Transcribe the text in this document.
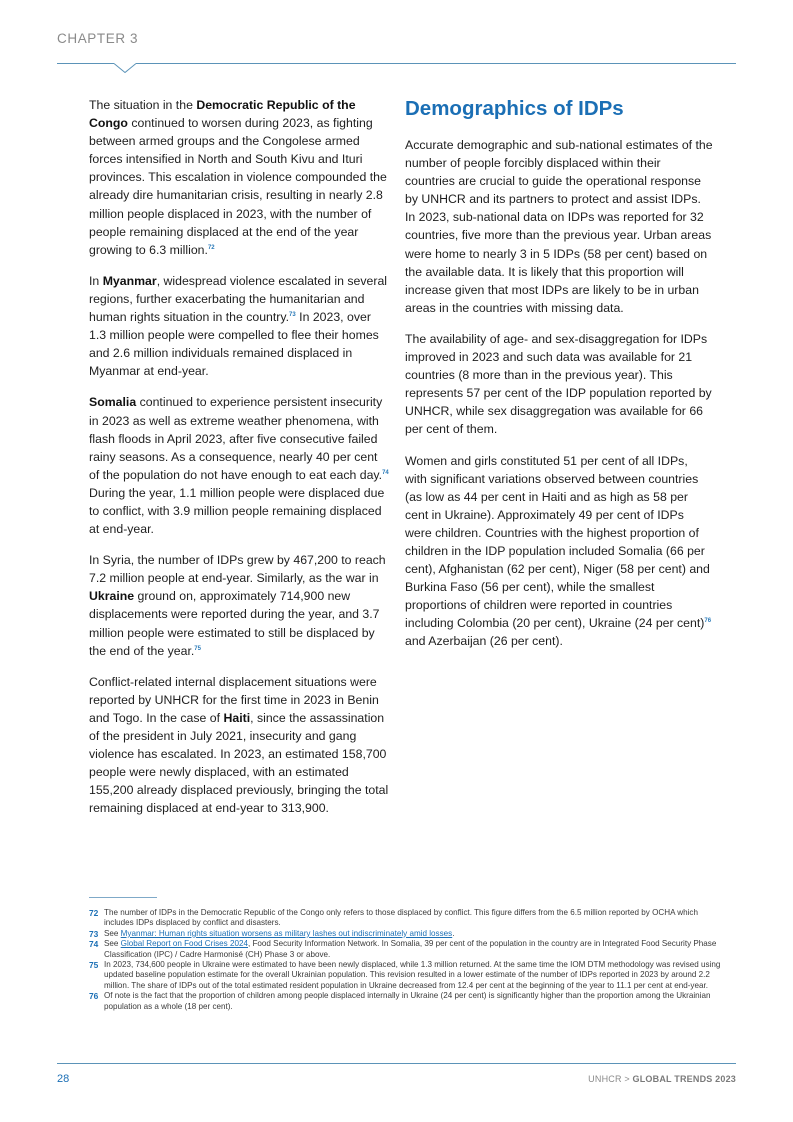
CHAPTER 3

The situation in the Democratic Republic of the Congo continued to worsen during 2023, as fighting between armed groups and the Congolese armed forces intensified in North and South Kivu and Ituri provinces. This escalation in violence compounded the already dire humanitarian crisis, resulting in nearly 2.8 million people displaced in 2023, with the number of people remaining displaced at the end of the year growing to 6.3 million.$^{72}$

In Myanmar, widespread violence escalated in several regions, further exacerbating the humanitarian and human rights situation in the country.$^{73}$ In 2023, over 1.3 million people were compelled to flee their homes and 2.6 million individuals remained displaced in Myanmar at end-year.

Somalia continued to experience persistent insecurity in 2023 as well as extreme weather phenomena, with flash floods in April 2023, after five consecutive failed rainy seasons. As a consequence, nearly 40 per cent of the population do not have enough to eat each day.$^{74}$ During the year, 1.1 million people were displaced due to conflict, with 3.9 million people remaining displaced at end-year.

In Syria, the number of IDPs grew by 467,200 to reach 7.2 million people at end-year. Similarly, as the war in Ukraine ground on, approximately 714,900 new displacements were reported during the year, and 3.7 million people were estimated to still be displaced by the end of the year.$^{75}$

Conflict-related internal displacement situations were reported by UNHCR for the first time in 2023 in Benin and Togo. In the case of Haiti, since the assassination of the president in July 2021, insecurity and gang violence has escalated. In 2023, an estimated 158,700 people were newly displaced, with an estimated 155,200 already displaced previously, bringing the total remaining displaced at end-year to 313,900.

Demographics of IDPs

Accurate demographic and sub-national estimates of the number of people forcibly displaced within their countries are crucial to guide the operational response by UNHCR and its partners to protect and assist IDPs. In 2023, sub-national data on IDPs was reported for 32 countries, five more than the previous year. Urban areas were home to nearly 3 in 5 IDPs (58 per cent) based on the available data. It is likely that this proportion will increase given that most IDPs are likely to be in urban areas in the countries with missing data.

The availability of age- and sex-disaggregation for IDPs improved in 2023 and such data was available for 21 countries (8 more than in the previous year). This represents 57 per cent of the IDP population reported by UNHCR, while sex disaggregation was available for 66 per cent of them.

Women and girls constituted 51 per cent of all IDPs, with significant variations observed between countries (as low as 44 per cent in Haiti and as high as 58 per cent in Ukraine). Approximately 49 per cent of IDPs were children. Countries with the highest proportion of children in the IDP population included Somalia (66 per cent), Afghanistan (62 per cent), Niger (58 per cent) and Burkina Faso (56 per cent), while the smallest proportions of children were reported in countries including Colombia (20 per cent), Ukraine (24 per cent)$^{76}$ and Azerbaijan (26 per cent).

72 The number of IDPs in the Democratic Republic of the Congo only refers to those displaced by conflict. This figure differs from the 6.5 million reported by OCHA which includes IDPs displaced by conflict and disasters.
73 See Myanmar: Human rights situation worsens as military lashes out indiscriminately amid losses.
74 See Global Report on Food Crises 2024, Food Security Information Network. In Somalia, 39 per cent of the population in the country are in Integrated Food Security Phase Classification (IPC) / Cadre Harmonisé (CH) Phase 3 or above.
75 In 2023, 734,600 people in Ukraine were estimated to have been newly displaced, while 1.3 million returned. At the same time the IOM DTM methodology was revised using updated baseline population estimate for the overall Ukrainian population. This revision resulted in a lower estimate of the number of IDPs reported in 2023 by around 2.2 million. The share of IDPs out of the total estimated resident population in Ukraine decreased from 12.4 per cent at the beginning of the year to 11.1 per cent at end-year.
76 Of note is the fact that the proportion of children among people displaced internally in Ukraine (24 per cent) is significantly higher than the proportion among the Ukrainian population as a whole (18 per cent).
28	UNHCR > GLOBAL TRENDS 2023
